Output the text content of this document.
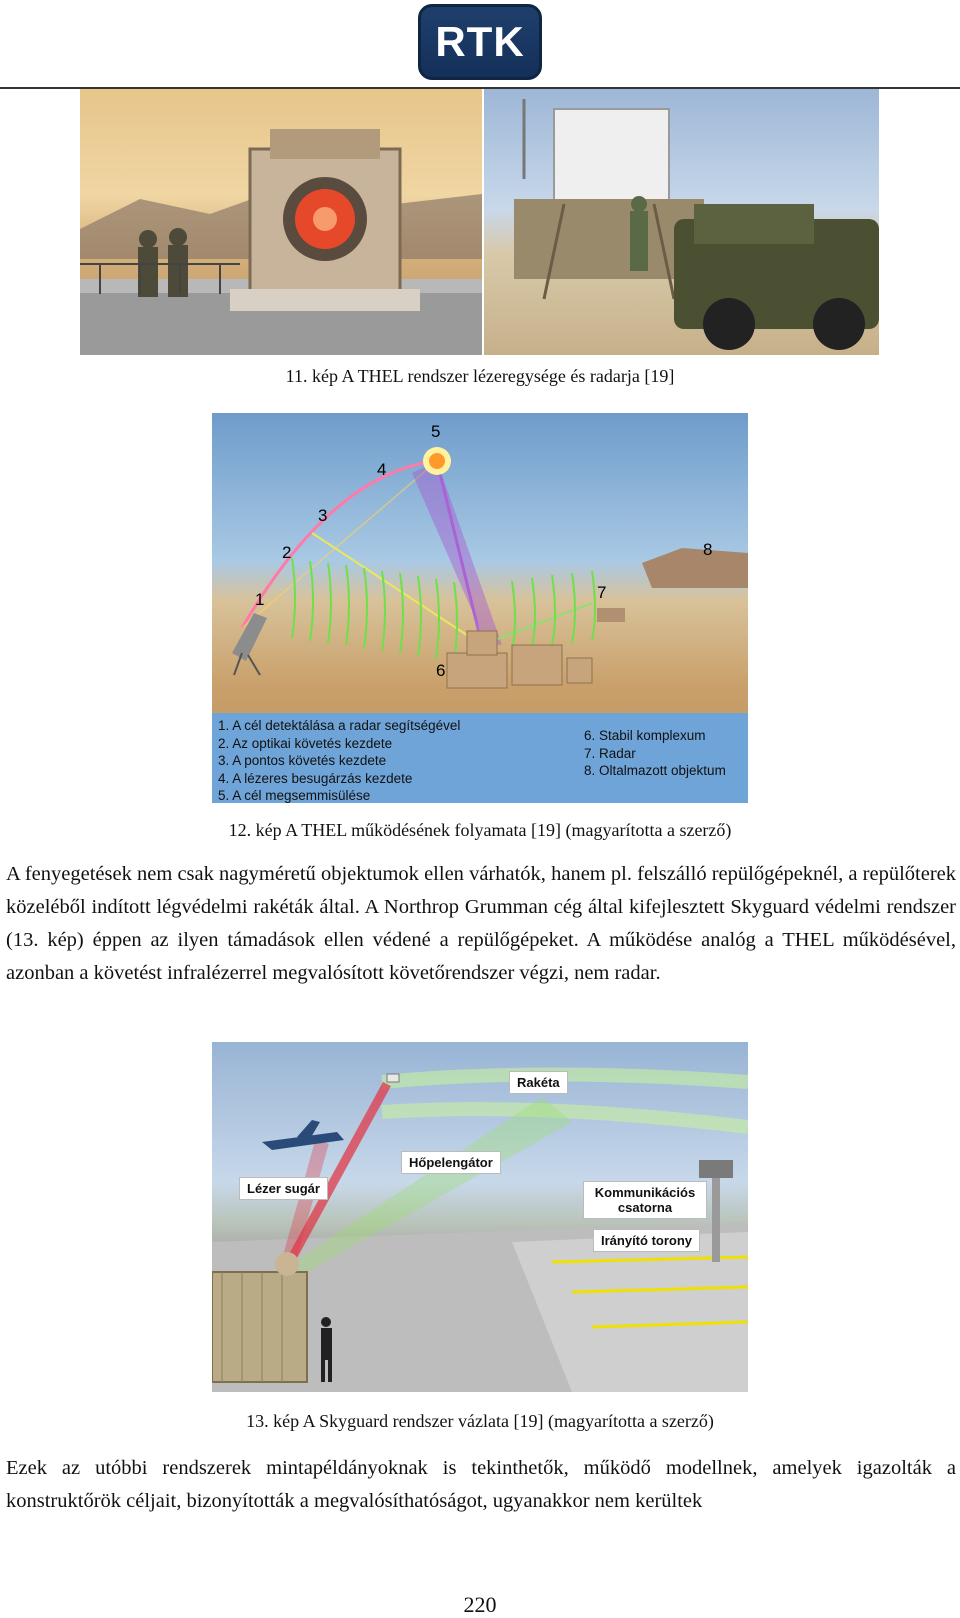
RTK
11. kép A THEL rendszer lézeregysége és radarja [19]
1
2
3
4
5
6
7
8
1. A cél detektálása a radar segítségével
2. Az optikai követés kezdete
3. A pontos követés kezdete
4. A lézeres besugárzás kezdete
5. A cél megsemmisülése
6. Stabil komplexum
7. Radar
8. Oltalmazott objektum
12. kép A THEL működésének folyamata [19] (magyarította a szerző)
A fenyegetések nem csak nagyméretű objektumok ellen várhatók, hanem pl. felszálló repülőgépeknél, a repülőterek közeléből indított légvédelmi rakéták által. A Northrop Grumman cég által kifejlesztett Skyguard védelmi rendszer (13. kép) éppen az ilyen támadások ellen védené a repülőgépeket. A működése analóg a THEL működésével, azonban a követést infralézerrel megvalósított követőrendszer végzi, nem radar.
Rakéta
Hőpelengátor
Lézer sugár	Kommunikációs csatorna
Irányító torony
13. kép A Skyguard rendszer vázlata [19] (magyarította a szerző)
Ezek az utóbbi rendszerek mintapéldányoknak is tekinthetők, működő modellnek, amelyek igazolták a konstruktőrök céljait, bizonyították a megvalósíthatóságot, ugyanakkor nem kerültek
220
